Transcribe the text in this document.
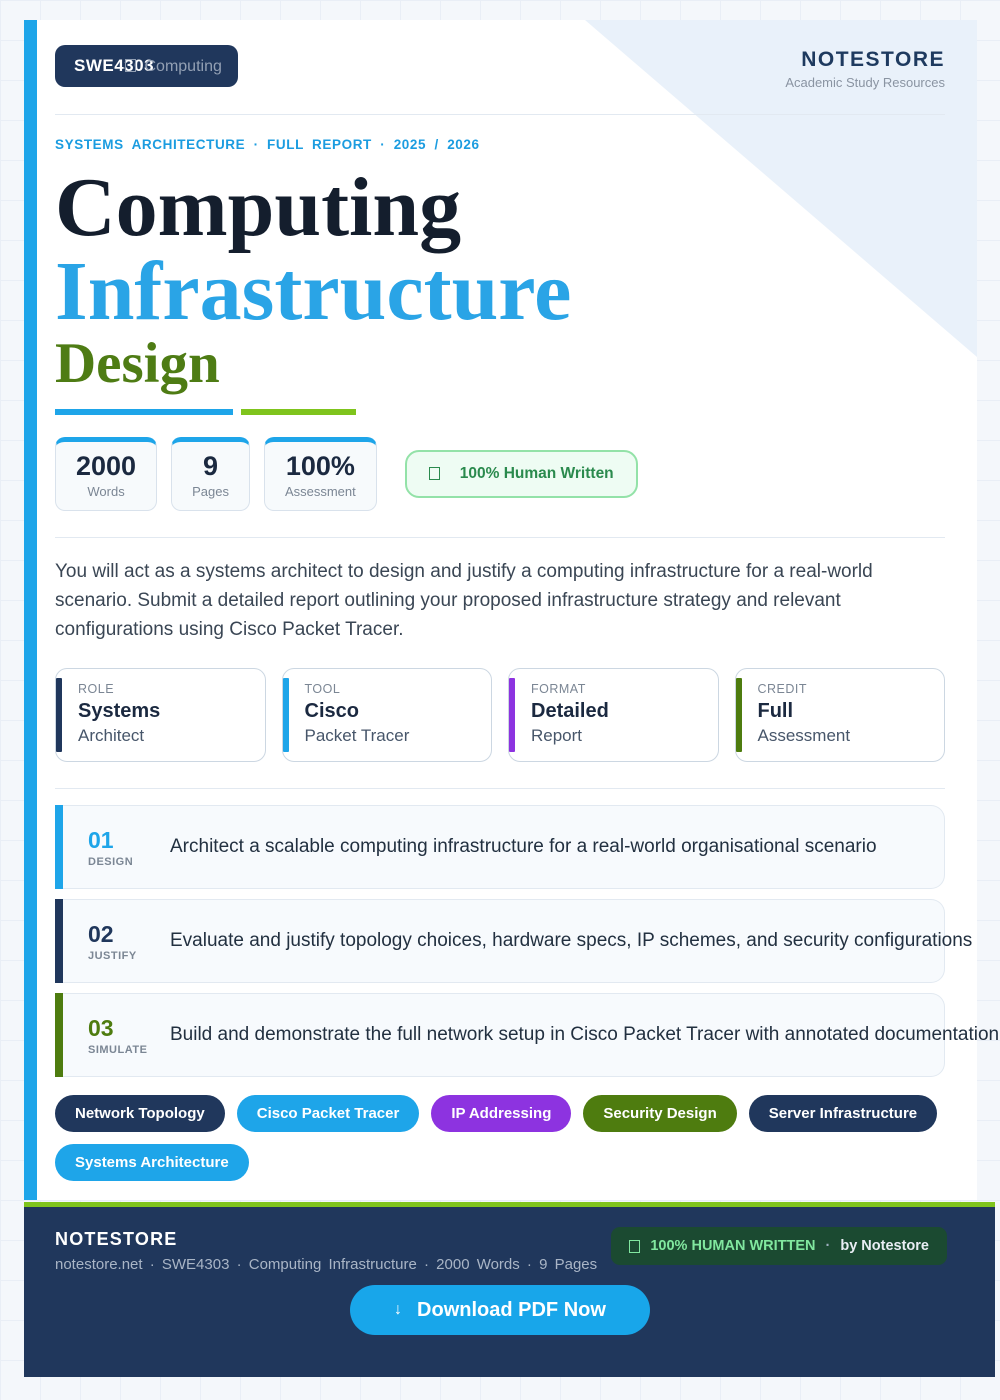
SWE4303 Computing	NOTESTORE
Academic Study Resources
SYSTEMS ARCHITECTURE · FULL REPORT · 2025 / 2026
Computing
Infrastructure
Design
2000
Words
9
Pages
100%
Assessment
100% Human Written
You will act as a systems architect to design and justify a computing infrastructure for a real-world scenario. Submit a detailed report outlining your proposed infrastructure strategy and relevant configurations using Cisco Packet Tracer.
ROLE
Systems
Architect
TOOL
Cisco
Packet Tracer
FORMAT
Detailed
Report
CREDIT
Full
Assessment
01
DESIGN
Architect a scalable computing infrastructure for a real-world organisational scenario
02
JUSTIFY
Evaluate and justify topology choices, hardware specs, IP schemes, and security configurations
03
SIMULATE
Build and demonstrate the full network setup in Cisco Packet Tracer with annotated documentation
Network Topology	Cisco Packet Tracer	IP Addressing	Security Design	Server Infrastructure
Systems Architecture
NOTESTORE
notestore.net · SWE4303 · Computing Infrastructure · 2000 Words · 9 Pages
100% HUMAN WRITTEN · by Notestore
↓ Download PDF Now
